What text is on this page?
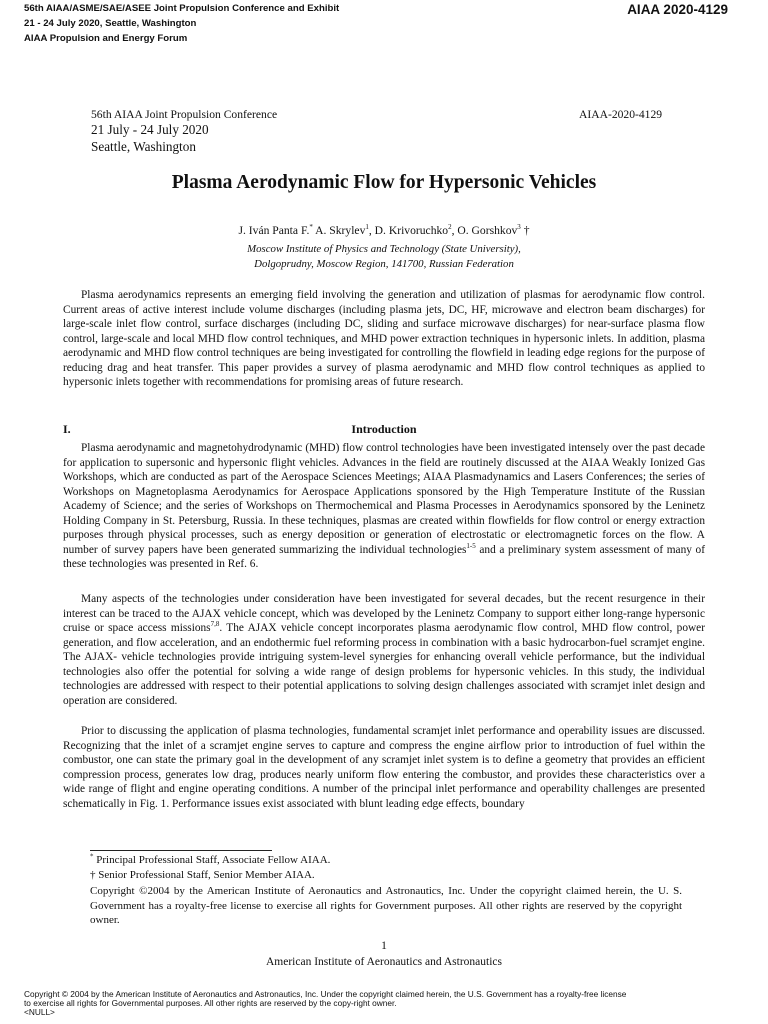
56th AIAA/ASME/SAE/ASEE Joint Propulsion Conference and Exhibit
21 - 24 July 2020, Seattle, Washington
AIAA Propulsion and Energy Forum
AIAA 2020-4129
56th AIAA Joint Propulsion Conference
21 July - 24 July 2020
Seattle, Washington
AIAA-2020-4129
Plasma Aerodynamic Flow for Hypersonic Vehicles
J. Iván Panta F.* A. Skrylev$^1$, D. Krivoruchko$^2$, O. Gorshkov$^3$ †
Moscow Institute of Physics and Technology (State University),
Dolgoprudny, Moscow Region, 141700, Russian Federation

Plasma aerodynamics represents an emerging field involving the generation and utilization of plasmas for aerodynamic flow control. Current areas of active interest include volume discharges (including plasma jets, DC, HF, microwave and electron beam discharges) for large-scale inlet flow control, surface discharges (including DC, sliding and surface microwave discharges) for near-surface plasma flow control, large-scale and local MHD flow control techniques, and MHD power extraction techniques in hypersonic inlets. In addition, plasma aerodynamic and MHD flow control techniques are being investigated for controlling the flowfield in leading edge regions for the purpose of reducing drag and heat transfer. This paper provides a survey of plasma aerodynamic and MHD flow control techniques as applied to hypersonic inlets together with recommendations for promising areas of future research.

I.	Introduction

Plasma aerodynamic and magnetohydrodynamic (MHD) flow control technologies have been investigated intensely over the past decade for application to supersonic and hypersonic flight vehicles. Advances in the field are routinely discussed at the AIAA Weakly Ionized Gas Workshops, which are conducted as part of the Aerospace Sciences Meetings; AIAA Plasmadynamics and Lasers Conferences; the series of Workshops on Magnetoplasma Aerodynamics for Aerospace Applications sponsored by the High Temperature Institute of the Russian Academy of Science; and the series of Workshops on Thermochemical and Plasma Processes in Aerodynamics sponsored by the Leninetz Holding Company in St. Petersburg, Russia. In these techniques, plasmas are created within flowfields for flow control or energy extraction purposes through physical processes, such as energy deposition or generation of electrostatic or electromagnetic forces on the flow. A number of survey papers have been generated summarizing the individual technologies$^{1-5}$ and a preliminary system assessment of many of these technologies was presented in Ref. 6.

Many aspects of the technologies under consideration have been investigated for several decades, but the recent resurgence in their interest can be traced to the AJAX vehicle concept, which was developed by the Leninetz Company to support either long-range hypersonic cruise or space access missions$^{7,8}$. The AJAX vehicle concept incorporates plasma aerodynamic flow control, MHD flow control, power generation, and flow acceleration, and an endothermic fuel reforming process in combination with a basic hydrocarbon-fuel scramjet engine. The AJAX- vehicle technologies provide intriguing system-level synergies for enhancing overall vehicle performance, but the individual technologies also offer the potential for solving a wide range of design problems for hypersonic vehicles. In this study, the individual technologies are addressed with respect to their potential applications to solving design challenges associated with scramjet inlet design and operation are considered.

Prior to discussing the application of plasma technologies, fundamental scramjet inlet performance and operability issues are discussed. Recognizing that the inlet of a scramjet engine serves to capture and compress the engine airflow prior to introduction of fuel within the combustor, one can state the primary goal in the development of any scramjet inlet system is to define a geometry that provides an efficient compression process, generates low drag, produces nearly uniform flow entering the combustor, and provides these characteristics over a wide range of flight and engine operating conditions. A number of the principal inlet performance and operability challenges are presented schematically in Fig. 1. Performance issues exist associated with blunt leading edge effects, boundary

* Principal Professional Staff, Associate Fellow AIAA.

† Senior Professional Staff, Senior Member AIAA.

Copyright ©2004 by the American Institute of Aeronautics and Astronautics, Inc. Under the copyright claimed herein, the U. S. Government has a royalty-free license to exercise all rights for Government purposes. All other rights are reserved by the copyright owner.

1
American Institute of Aeronautics and Astronautics
Copyright © 2004 by the American Institute of Aeronautics and Astronautics, Inc. Under the copyright claimed herein, the U.S. Government has a royalty-free license
to exercise all rights for Governmental purposes. All other rights are reserved by the copy-right owner.
<NULL>
